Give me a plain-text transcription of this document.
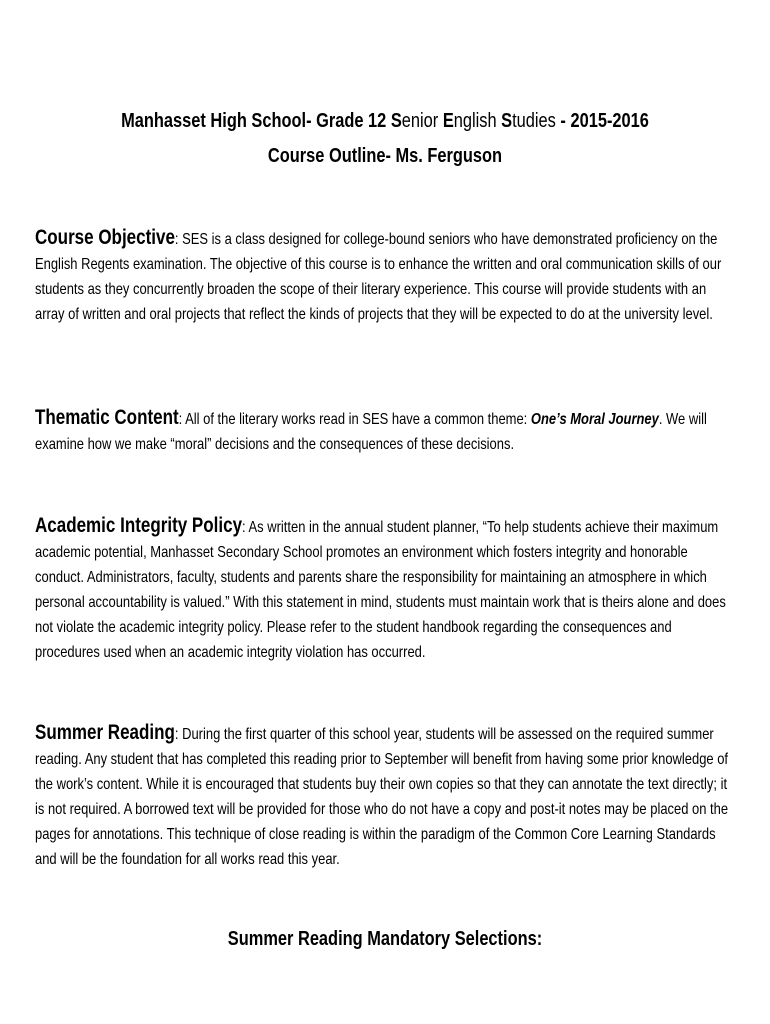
Manhasset High School- Grade 12 Senior English Studies - 2015-2016 Course Outline- Ms. Ferguson

Course Objective: SES is a class designed for college-bound seniors who have demonstrated proficiency on the English Regents examination. The objective of this course is to enhance the written and oral communication skills of our students as they concurrently broaden the scope of their literary experience. This course will provide students with an array of written and oral projects that reflect the kinds of projects that they will be expected to do at the university level.

Thematic Content: All of the literary works read in SES have a common theme: One’s Moral Journey. We will examine how we make “moral” decisions and the consequences of these decisions.

Academic Integrity Policy: As written in the annual student planner, “To help students achieve their maximum academic potential, Manhasset Secondary School promotes an environment which fosters integrity and honorable conduct. Administrators, faculty, students and parents share the responsibility for maintaining an atmosphere in which personal accountability is valued.” With this statement in mind, students must maintain work that is theirs alone and does not violate the academic integrity policy. Please refer to the student handbook regarding the consequences and procedures used when an academic integrity violation has occurred.

Summer Reading: During the first quarter of this school year, students will be assessed on the required summer reading. Any student that has completed this reading prior to September will benefit from having some prior knowledge of the work’s content. While it is encouraged that students buy their own copies so that they can annotate the text directly; it is not required. A borrowed text will be provided for those who do not have a copy and post-it notes may be placed on the pages for annotations. This technique of close reading is within the paradigm of the Common Core Learning Standards and will be the foundation for all works read this year.

Summer Reading Mandatory Selections:
